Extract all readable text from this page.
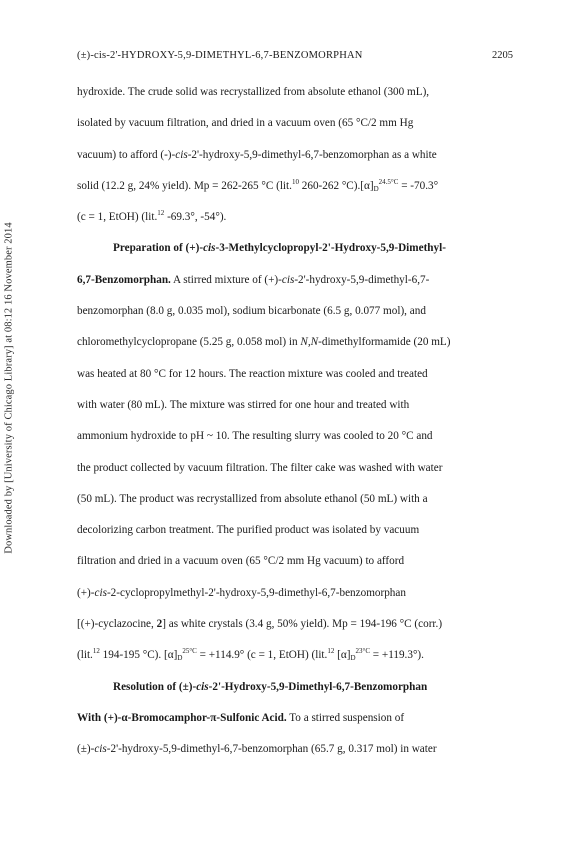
Downloaded by [University of Chicago Library] at 08:12 16 November 2014
(±)-cis-2'-HYDROXY-5,9-DIMETHYL-6,7-BENZOMORPHAN	2205
hydroxide. The crude solid was recrystallized from absolute ethanol (300 mL),
isolated by vacuum filtration, and dried in a vacuum oven (65 °C/2 mm Hg
vacuum) to afford (-)-cis-2'-hydroxy-5,9-dimethyl-6,7-benzomorphan as a white
solid (12.2 g, 24% yield). Mp = 262-265 °C (lit.$^{10}$ 260-262 $^\circ C).[\alpha]_D^{24.5^\circ C} = -70.3^\circ$
(c = 1, EtOH) (lit.$^{12}$ -69.3°, -54°).
Preparation of (+)-cis-3-Methylcyclopropyl-2'-Hydroxy-5,9-Dimethyl-
6,7-Benzomorphan. A stirred mixture of (+)-cis-2'-hydroxy-5,9-dimethyl-6,7-
benzomorphan (8.0 g, 0.035 mol), sodium bicarbonate (6.5 g, 0.077 mol), and
chloromethylcyclopropane (5.25 g, 0.058 mol) in N,N-dimethylformamide (20 mL)
was heated at 80 °C for 12 hours. The reaction mixture was cooled and treated
with water (80 mL). The mixture was stirred for one hour and treated with
ammonium hydroxide to pH ~ 10. The resulting slurry was cooled to 20 °C and
the product collected by vacuum filtration. The filter cake was washed with water
(50 mL). The product was recrystallized from absolute ethanol (50 mL) with a
decolorizing carbon treatment. The purified product was isolated by vacuum
filtration and dried in a vacuum oven (65 °C/2 mm Hg vacuum) to afford
(+)-cis-2-cyclopropylmethyl-2'-hydroxy-5,9-dimethyl-6,7-benzomorphan
[(+)-cyclazocine, 2] as white crystals (3.4 g, 50% yield). Mp = 194-196 °C (corr.)
(lit.$^{12}$ 194-195 °C). $[\alpha]_D^{25^\circ C} = +114.9^\circ$ (c = 1, EtOH) (lit.$^{12}$ $[\alpha]_D^{23^\circ C} = +119.3^\circ$).
Resolution of (±)-cis-2'-Hydroxy-5,9-Dimethyl-6,7-Benzomorphan
With (+)-α-Bromocamphor-π-Sulfonic Acid. To a stirred suspension of
(±)-cis-2'-hydroxy-5,9-dimethyl-6,7-benzomorphan (65.7 g, 0.317 mol) in water
